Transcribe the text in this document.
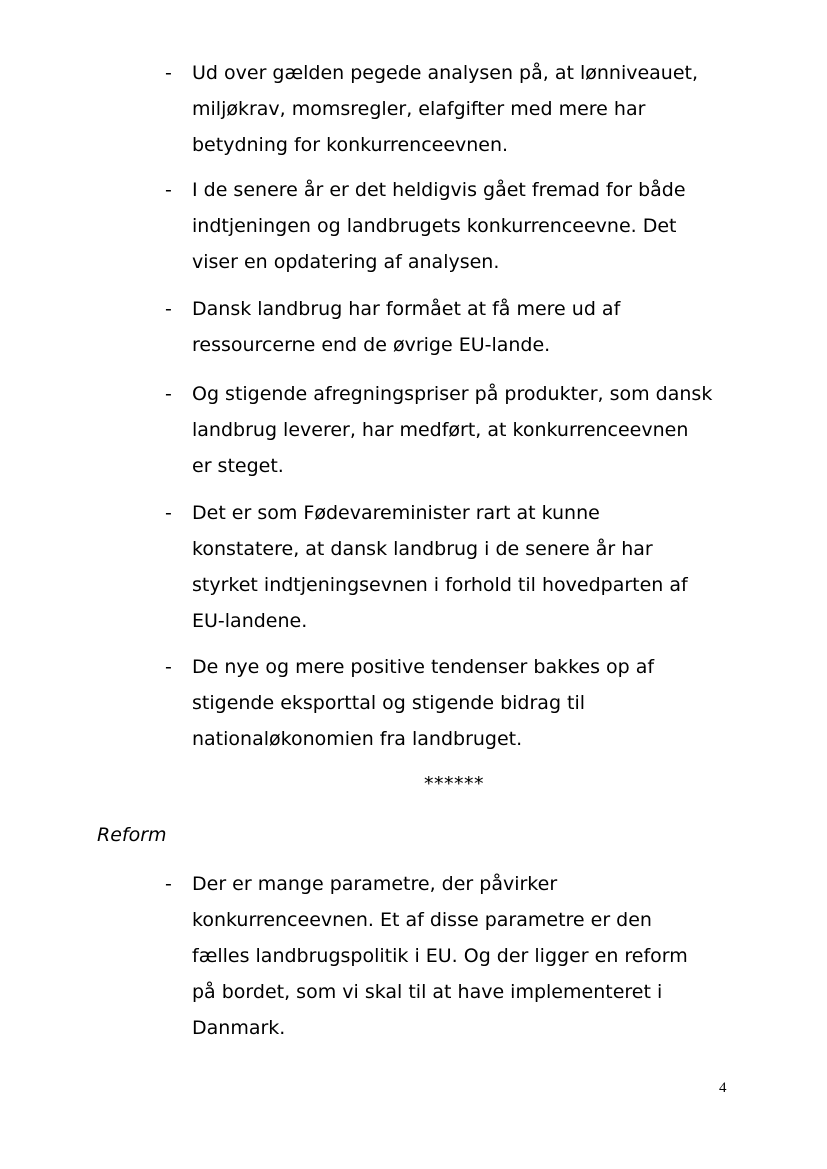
- Ud over gælden pegede analysen på, at lønniveauet,
miljøkrav, momsregler, elafgifter med mere har
betydning for konkurrenceevnen.
- I de senere år er det heldigvis gået fremad for både
indtjeningen og landbrugets konkurrenceevne. Det
viser en opdatering af analysen.
- Dansk landbrug har formået at få mere ud af
ressourcerne end de øvrige EU-lande.
- Og stigende afregningspriser på produkter, som dansk
landbrug leverer, har medført, at konkurrenceevnen
er steget.
- Det er som Fødevareminister rart at kunne
konstatere, at dansk landbrug i de senere år har
styrket indtjeningsevnen i forhold til hovedparten af
EU-landene.
- De nye og mere positive tendenser bakkes op af
stigende eksporttal og stigende bidrag til
nationaløkonomien fra landbruget.
******
Reform
- Der er mange parametre, der påvirker
konkurrenceevnen. Et af disse parametre er den
fælles landbrugspolitik i EU. Og der ligger en reform
på bordet, som vi skal til at have implementeret i
Danmark.
4
